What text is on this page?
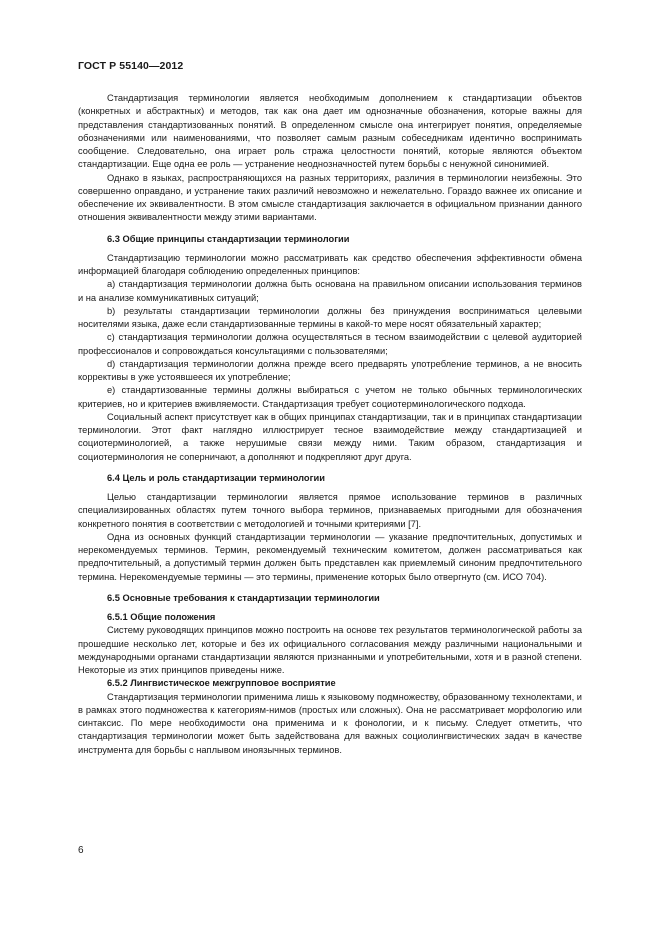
ГОСТ Р 55140—2012

Стандартизация терминологии является необходимым дополнением к стандартизации объектов (конкретных и абстрактных) и методов, так как она дает им однозначные обозначения, которые важны для представления стандартизованных понятий. В определенном смысле она интегрирует понятия, определяемые обозначениями или наименованиями, что позволяет самым разным собеседникам идентично воспринимать сообщение. Следовательно, она играет роль стража целостности понятий, которые являются объектом стандартизации. Еще одна ее роль — устранение неоднозначностей путем борьбы с ненужной синонимией.

Однако в языках, распространяющихся на разных территориях, различия в терминологии неизбежны. Это совершенно оправдано, и устранение таких различий невозможно и нежелательно. Гораздо важнее их описание и обеспечение их эквивалентности. В этом смысле стандартизация заключается в официальном признании данного отношения эквивалентности между этими вариантами.

6.3 Общие принципы стандартизации терминологии

Стандартизацию терминологии можно рассматривать как средство обеспечения эффективности обмена информацией благодаря соблюдению определенных принципов:

а) стандартизация терминологии должна быть основана на правильном описании использования терминов и на анализе коммуникативных ситуаций;

b) результаты стандартизации терминологии должны без принуждения восприниматься целевыми носителями языка, даже если стандартизованные термины в какой-то мере носят обязательный характер;

с) стандартизация терминологии должна осуществляться в тесном взаимодействии с целевой аудиторией профессионалов и сопровождаться консультациями с пользователями;

d) стандартизация терминологии должна прежде всего предварять употребление терминов, а не вносить коррективы в уже устоявшееся их употребление;

е) стандартизованные термины должны выбираться с учетом не только обычных терминологических критериев, но и критериев вживляемости. Стандартизация требует социотерминологического подхода.

Социальный аспект присутствует как в общих принципах стандартизации, так и в принципах стандартизации терминологии. Этот факт наглядно иллюстрирует тесное взаимодействие между стандартизацией и социотерминологией, а также нерушимые связи между ними. Таким образом, стандартизация и социотерминология не соперничают, а дополняют и подкрепляют друг друга.

6.4 Цель и роль стандартизации терминологии

Целью стандартизации терминологии является прямое использование терминов в различных специализированных областях путем точного выбора терминов, признаваемых пригодными для обозначения конкретного понятия в соответствии с методологией и точными критериями [7].

Одна из основных функций стандартизации терминологии — указание предпочтительных, допустимых и нерекомендуемых терминов. Термин, рекомендуемый техническим комитетом, должен рассматриваться как предпочтительный, а допустимый термин должен быть представлен как приемлемый синоним предпочтительного термина. Нерекомендуемые термины — это термины, применение которых было отвергнуто (см. ИСО 704).

6.5 Основные требования к стандартизации терминологии
6.5.1 Общие положения

Систему руководящих принципов можно построить на основе тех результатов терминологической работы за прошедшие несколько лет, которые и без их официального согласования между различными национальными и международными органами стандартизации являются признанными и употребительными, хотя и в разной степени. Некоторые из этих принципов приведены ниже.

6.5.2 Лингвистическое межгрупповое восприятие

Стандартизация терминологии применима лишь к языковому подмножеству, образованному технолектами, и в рамках этого подмножества к категориям-нимов (простых или сложных). Она не рассматривает морфологию или синтаксис. По мере необходимости она применима и к фонологии, и к письму. Следует отметить, что стандартизация терминологии может быть задействована для важных социолингвистических задач в качестве инструмента для борьбы с наплывом иноязычных терминов.

6
